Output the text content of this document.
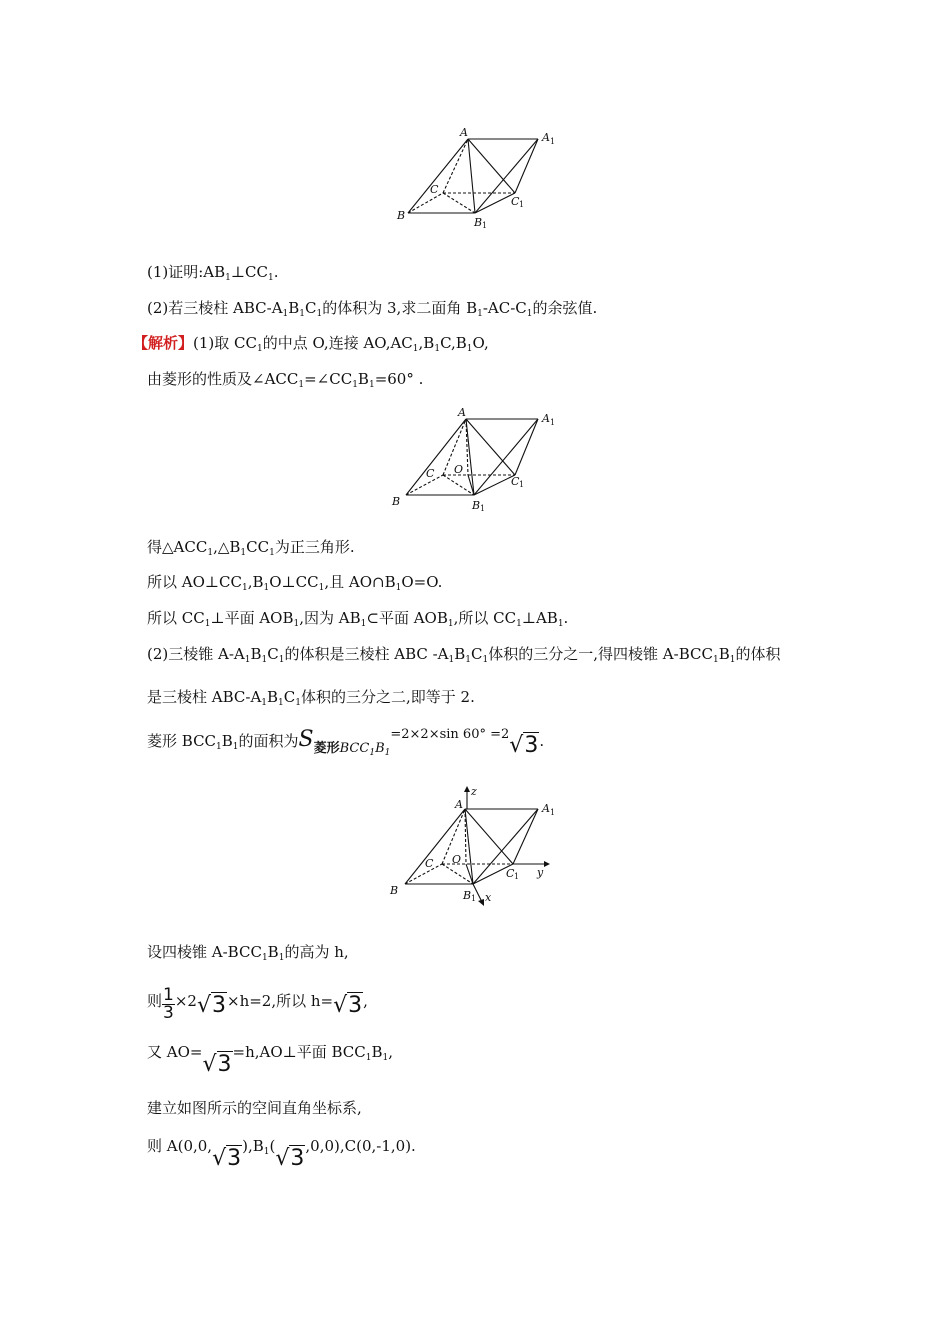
A	A 1
C
C 1
B
B 1
(1)证明$:AB_1\perp CC_1$.
(2)若三棱柱 ABC-$A_1B_1C_1$的体积为 3,求二面角 $B_1-AC-C_1$的余弦值.
【解析】(1)取 $CC_1$的中点 O,连接 $AO,AC_1,B_1C,B_1O$,
由菱形的性质及$\angle ACC_1=\angle CC_1B_1=60^\circ$ .
A	A 1
C O
C 1
B	B 1
得$\triangle ACC_1,\triangle B_1CC_1$为正三角形.
所以 $AO\perp CC_1,B_1O\perp CC_1$,且 $AO\cap B_1O=O$.
所以 $CC_1\perp$平面 $AOB_1$,因为 $AB_1\subset$平面 $AOB_1$,所以 $CC_1\perp AB_1$.
(2)三棱锥 $A-A_1B_1C_1$的体积是三棱柱 ABC $-A_1B_1C_1$体积的三分之一,得四棱锥 $A-BCC_1B_1$的体积
是三棱柱 ABC-$A_1B_1C_1$体积的三分之二,即等于 2.
菱形 $BCC_1B_1$的面积为S菱形$BCC_1B_1=2\times 2\times\sin$ 60° =2√3.
z
A	A 1
C O
C 1 y
B	B 1 x
设四棱锥 $A-BCC_1B_1$的高为 h,
则 $\frac{1}{3} \times 2√3\times h=2$,所以 h=√3,
又 AO=√3=h,AO⊥平面 $BCC_1B_1$,
建立如图所示的空间直角坐标系,
则 $A(0,0,√3),B_1(√3,0,0),C(0,-1,0)$.
